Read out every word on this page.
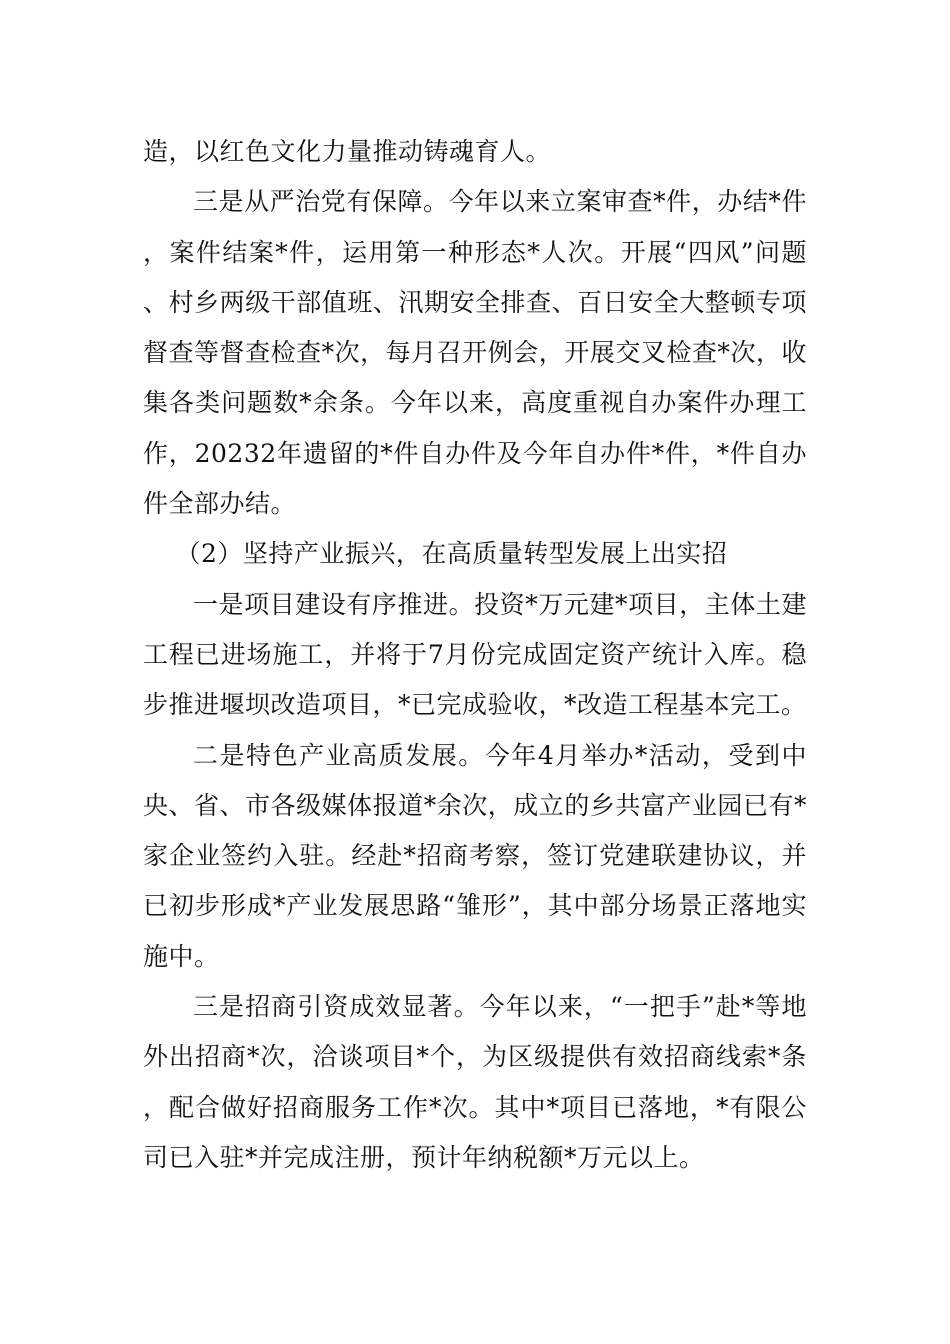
造，以红色文化力量推动铸魂育人。

三是从严治党有保障。今年以来立案审查*件，办结*件，案件结案*件，运用第一种形态*人次。开展“四风”问题、村乡两级干部值班、汛期安全排查、百日安全大整顿专项督查等督查检查*次，每月召开例会，开展交叉检查*次，收集各类问题数*余条。今年以来，高度重视自办案件办理工作，20232年遗留的*件自办件及今年自办件*件，*件自办件全部办结。

（2）坚持产业振兴，在高质量转型发展上出实招

一是项目建设有序推进。投资*万元建*项目，主体土建工程已进场施工，并将于7月份完成固定资产统计入库。稳步推进堰坝改造项目，*已完成验收，*改造工程基本完工。

二是特色产业高质发展。今年4月举办*活动，受到中央、省、市各级媒体报道*余次，成立的乡共富产业园已有*家企业签约入驻。经赴*招商考察，签订党建联建协议，并已初步形成*产业发展思路“雏形”，其中部分场景正落地实施中。

三是招商引资成效显著。今年以来，“一把手”赴*等地外出招商*次，洽谈项目*个，为区级提供有效招商线索*条，配合做好招商服务工作*次。其中*项目已落地，*有限公司已入驻*并完成注册，预计年纳税额*万元以上。
